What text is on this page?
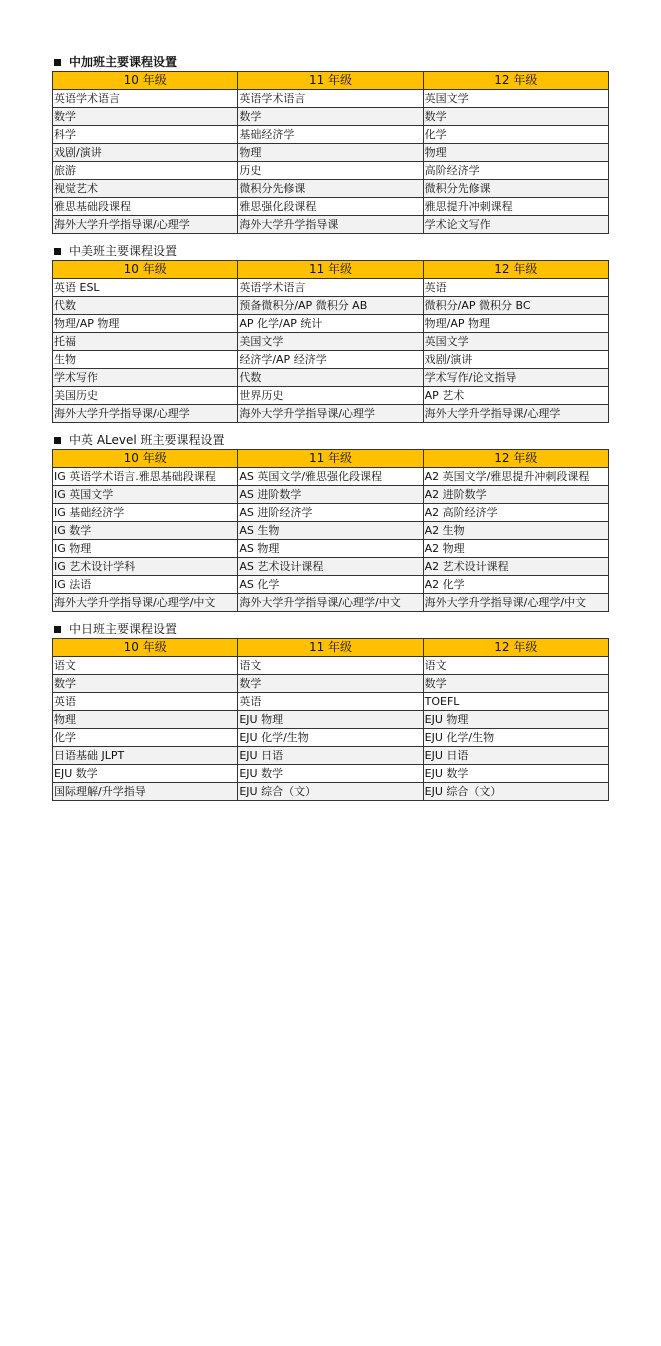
中加班主要课程设置
10 年级	11 年级	12 年级
英语学术语言	英语学术语言	英国文学
数学	数学	数学
科学	基础经济学	化学
戏剧/演讲	物理	物理
旅游	历史	高阶经济学
视觉艺术	微积分先修课	微积分先修课
雅思基础段课程	雅思强化段课程	雅思提升冲刺课程
海外大学升学指导课/心理学	海外大学升学指导课	学术论文写作
中美班主要课程设置
10 年级	11 年级	12 年级
英语 ESL	英语学术语言	英语
代数	预备微积分/AP 微积分 AB	微积分/AP 微积分 BC
物理/AP 物理	AP 化学/AP 统计	物理/AP 物理
托福	美国文学	英国文学
生物	经济学/AP 经济学	戏剧/演讲
学术写作	代数	学术写作/论文指导
美国历史	世界历史	AP 艺术
海外大学升学指导课/心理学	海外大学升学指导课/心理学	海外大学升学指导课/心理学
中英 ALevel 班主要课程设置
10 年级	11 年级	12 年级
IG 英语学术语言.雅思基础段课程	AS 英国文学/雅思强化段课程	A2 英国文学/雅思提升冲刺段课程
IG 英国文学	AS 进阶数学	A2 进阶数学
IG 基础经济学	AS 进阶经济学	A2 高阶经济学
IG 数学	AS 生物	A2 生物
IG 物理	AS 物理	A2 物理
IG 艺术设计学科	AS 艺术设计课程	A2 艺术设计课程
IG 法语	AS 化学	A2 化学
海外大学升学指导课/心理学/中文	海外大学升学指导课/心理学/中文	海外大学升学指导课/心理学/中文
中日班主要课程设置
10 年级	11 年级	12 年级
语文	语文	语文
数学	数学	数学
英语	英语	TOEFL
物理	EJU 物理	EJU 物理
化学	EJU 化学/生物	EJU 化学/生物
日语基础 JLPT	EJU 日语	EJU 日语
EJU 数学	EJU 数学	EJU 数学
国际理解/升学指导	EJU 综合（文）	EJU 综合（文）
